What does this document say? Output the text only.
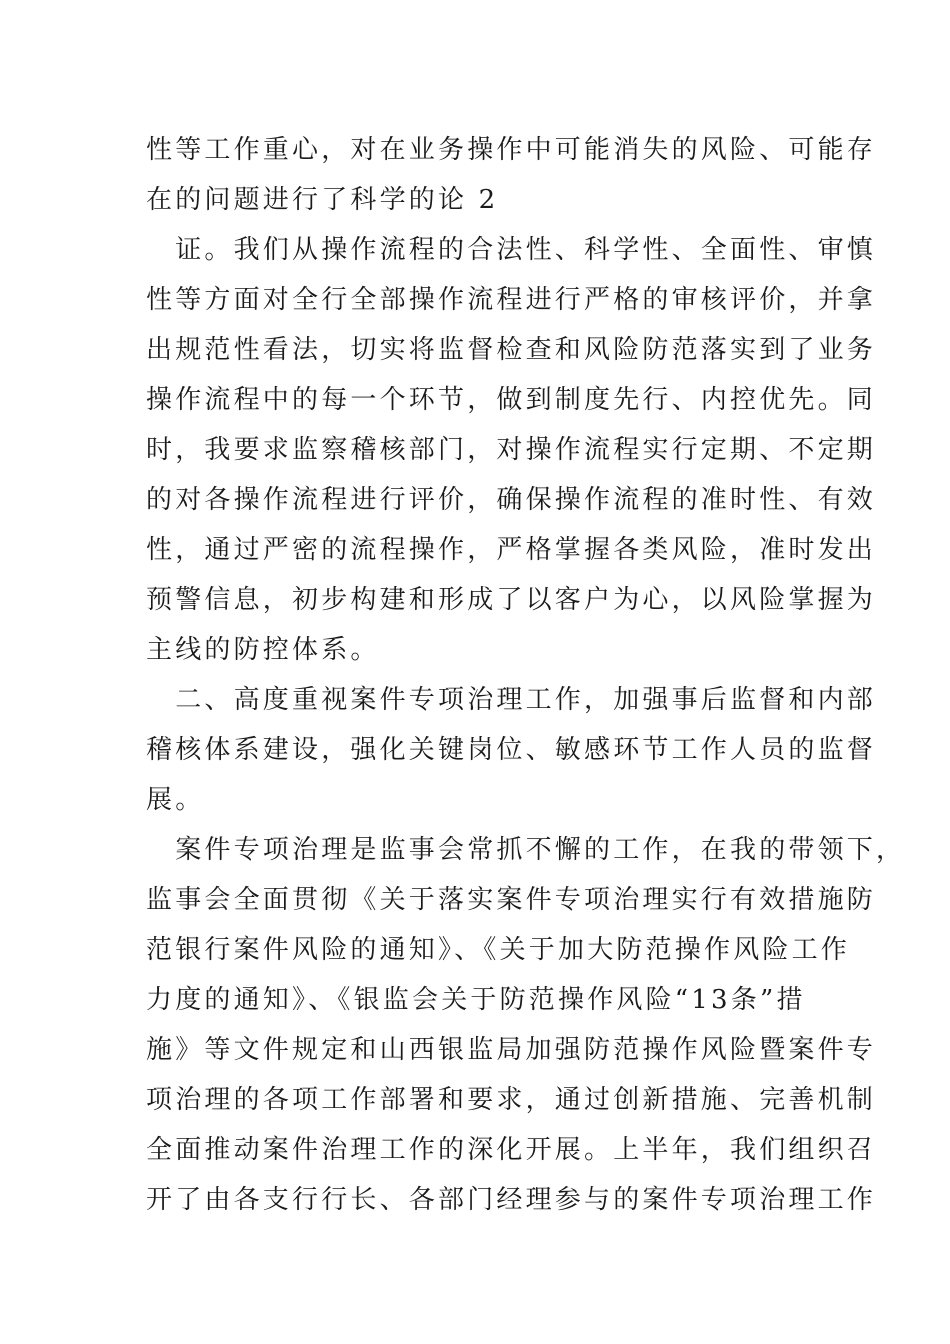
性等工作重心，对在业务操作中可能消失的风险、可能存
在的问题进行了科学的论 2
　证。我们从操作流程的合法性、科学性、全面性、审慎
性等方面对全行全部操作流程进行严格的审核评价，并拿
出规范性看法，切实将监督检查和风险防范落实到了业务
操作流程中的每一个环节，做到制度先行、内控优先。同
时，我要求监察稽核部门，对操作流程实行定期、不定期
的对各操作流程进行评价，确保操作流程的准时性、有效
性，通过严密的流程操作，严格掌握各类风险，准时发出
预警信息，初步构建和形成了以客户为心，以风险掌握为
主线的防控体系。
　二、高度重视案件专项治理工作，加强事后监督和内部
稽核体系建设，强化关键岗位、敏感环节工作人员的监督
展。
　案件专项治理是监事会常抓不懈的工作，在我的带领下，
监事会全面贯彻《关于落实案件专项治理实行有效措施防
范银行案件风险的通知》、《关于加大防范操作风险工作
力度的通知》、《银监会关于防范操作风险“13条”措
施》等文件规定和山西银监局加强防范操作风险暨案件专
项治理的各项工作部署和要求，通过创新措施、完善机制
全面推动案件治理工作的深化开展。上半年，我们组织召
开了由各支行行长、各部门经理参与的案件专项治理工作
